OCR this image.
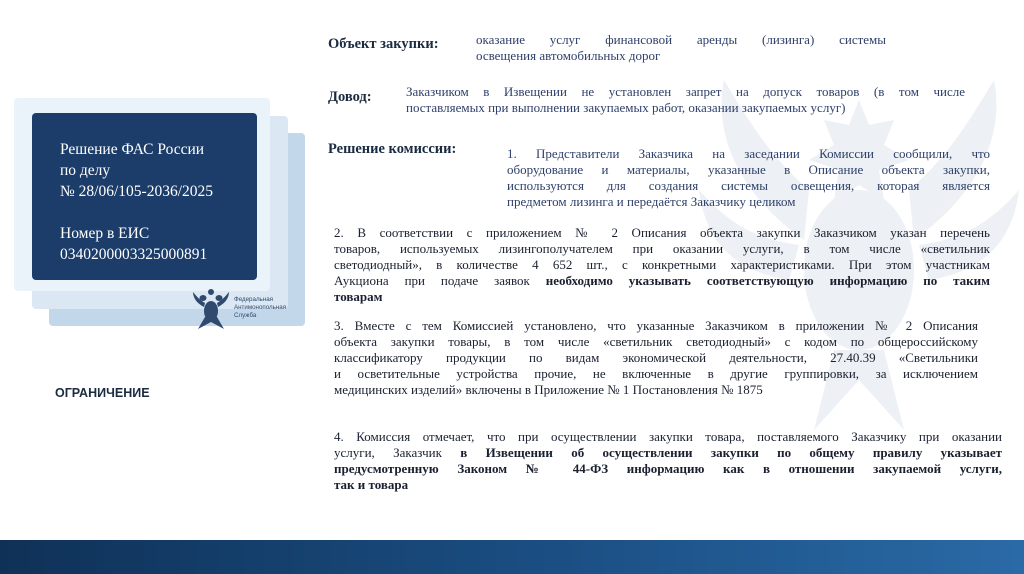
Решение ФАС России
по делу
№ 28/06/105-2036/2025
Номер в ЕИС
0340200003325000891
Федеральная
Антимонопольная
Служба
ОГРАНИЧЕНИЕ
Объект закупки:	оказание услуг финансовой аренды (лизинга) системы
освещения автомобильных дорог
Довод:	Заказчиком в Извещении не установлен запрет на допуск товаров (в том числе
поставляемых при выполнении закупаемых работ, оказании закупаемых услуг)
Решение комиссии:	1. Представители Заказчика на заседании Комиссии сообщили, что
оборудование и материалы, указанные в Описание объекта закупки,
используются для создания системы освещения, которая является
предметом лизинга и передаётся Заказчику целиком
2. В соответствии с приложением № 2 Описания объекта закупки Заказчиком указан перечень
товаров, используемых лизингополучателем при оказании услуги, в том числе «светильник
светодиодный», в количестве 4 652 шт., с конкретными характеристиками. При этом участникам
Аукциона при подаче заявок необходимо указывать соответствующую информацию по таким
товарам
3. Вместе с тем Комиссией установлено, что указанные Заказчиком в приложении № 2 Описания
объекта закупки товары, в том числе «светильник светодиодный» с кодом по общероссийскому
классификатору продукции по видам экономической деятельности, 27.40.39 «Светильники
и осветительные устройства прочие, не включенные в другие группировки, за исключением
медицинских изделий» включены в Приложение № 1 Постановления № 1875
4. Комиссия отмечает, что при осуществлении закупки товара, поставляемого Заказчику при оказании
услуги, Заказчик в Извещении об осуществлении закупки по общему правилу указывает
предусмотренную Законом № 44-ФЗ информацию как в отношении закупаемой услуги,
так и товара
